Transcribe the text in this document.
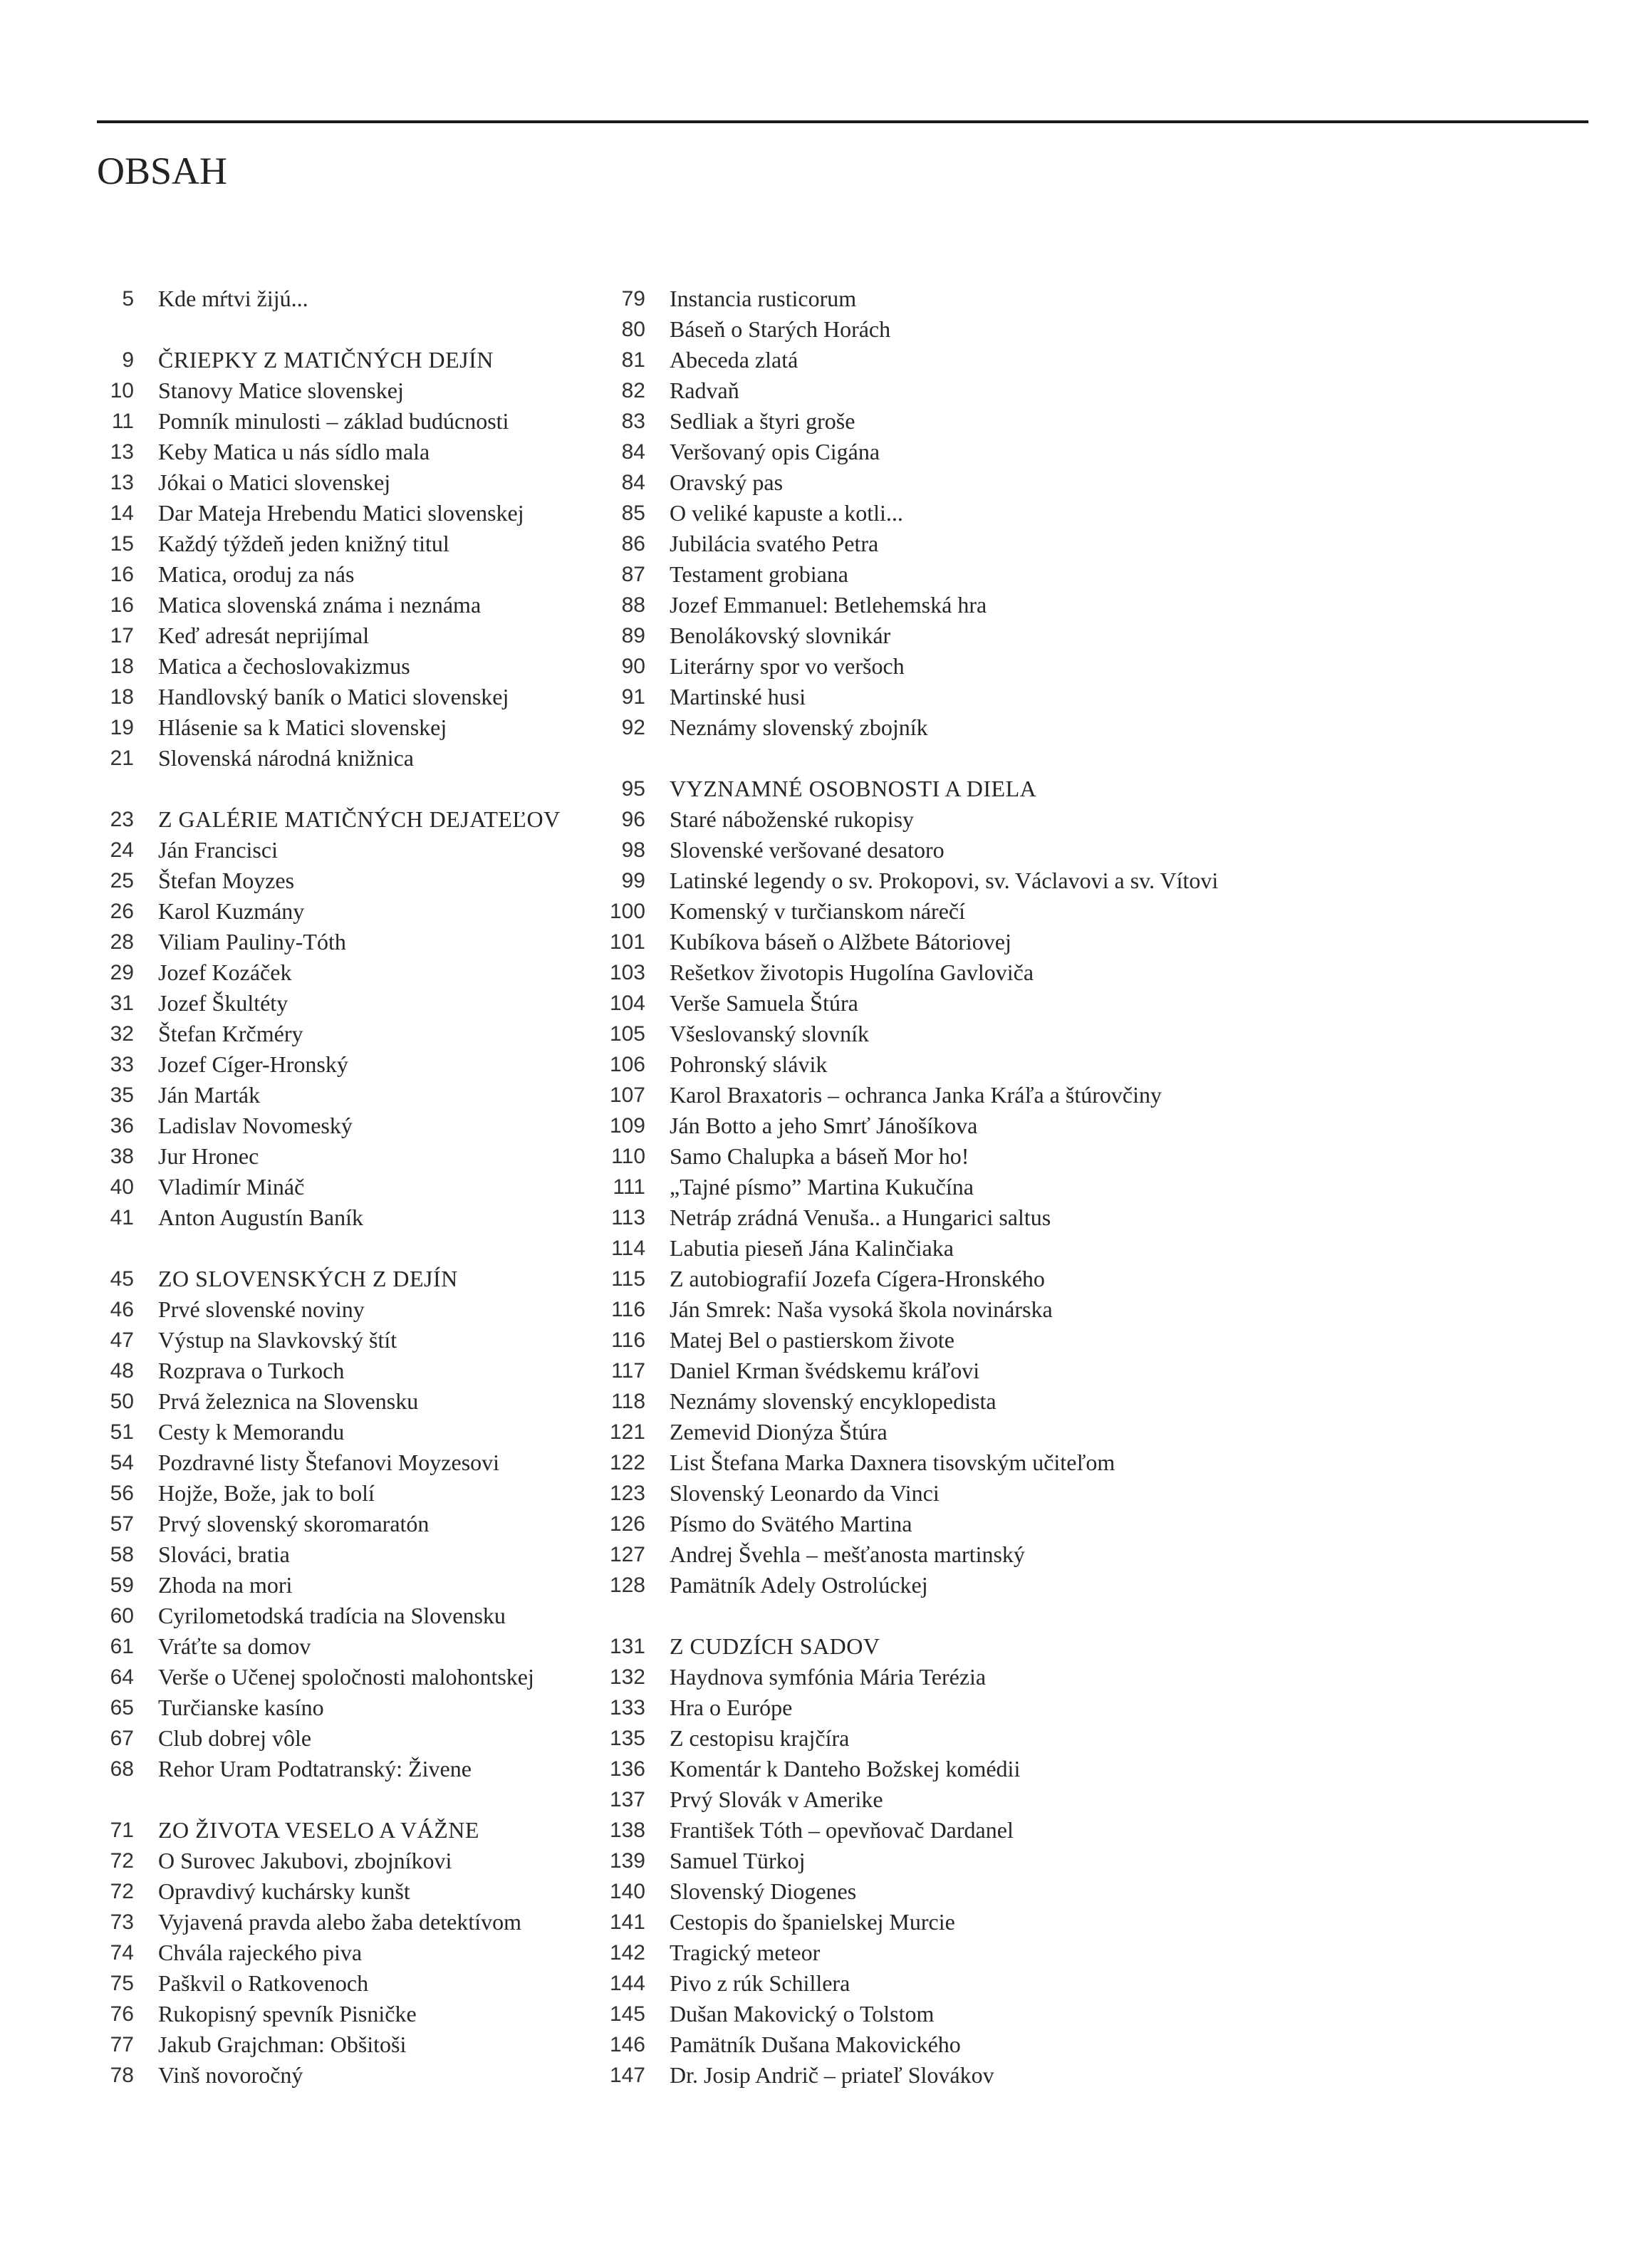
OBSAH
5 Kde mŕtvi žijú...
9 ČRIEPKY Z MATIČNÝCH DEJÍN
10 Stanovy Matice slovenskej
11 Pomník minulosti – základ budúcnosti
13 Keby Matica u nás sídlo mala
13 Jókai o Matici slovenskej
14 Dar Mateja Hrebendu Matici slovenskej
15 Každý týždeň jeden knižný titul
16 Matica, oroduj za nás
16 Matica slovenská známa i neznáma
17 Keď adresát neprijímal
18 Matica a čechoslovakizmus
18 Handlovský baník o Matici slovenskej
19 Hlásenie sa k Matici slovenskej
21 Slovenská národná knižnica
23 Z GALÉRIE MATIČNÝCH DEJATEĽOV
24 Ján Francisci
25 Štefan Moyzes
26 Karol Kuzmány
28 Viliam Pauliny-Tóth
29 Jozef Kozáček
31 Jozef Škultéty
32 Štefan Krčméry
33 Jozef Cíger-Hronský
35 Ján Marták
36 Ladislav Novomeský
38 Jur Hronec
40 Vladimír Mináč
41 Anton Augustín Baník
45 ZO SLOVENSKÝCH Z DEJÍN
46 Prvé slovenské noviny
47 Výstup na Slavkovský štít
48 Rozprava o Turkoch
50 Prvá železnica na Slovensku
51 Cesty k Memorandu
54 Pozdravné listy Štefanovi Moyzesovi
56 Hojže, Bože, jak to bolí
57 Prvý slovenský skoromaratón
58 Slováci, bratia
59 Zhoda na mori
60 Cyrilometodská tradícia na Slovensku
61 Vráťte sa domov
64 Verše o Učenej spoločnosti malohontskej
65 Turčianske kasíno
67 Club dobrej vôle
68 Rehor Uram Podtatranský: Živene
71 ZO ŽIVOTA VESELO A VÁŽNE
72 O Surovec Jakubovi, zbojníkovi
72 Opravdivý kuchársky kunšt
73 Vyjavená pravda alebo žaba detektívom
74 Chvála rajeckého piva
75 Paškvil o Ratkovenoch
76 Rukopisný spevník Pisničke
77 Jakub Grajchman: Obšitoši
78 Vinš novoročný
79 Instancia rusticorum
80 Báseň o Starých Horách
81 Abeceda zlatá
82 Radvaň
83 Sedliak a štyri groše
84 Veršovaný opis Cigána
84 Oravský pas
85 O veliké kapuste a kotli...
86 Jubilácia svatého Petra
87 Testament grobiana
88 Jozef Emmanuel: Betlehemská hra
89 Benolákovský slovnikár
90 Literárny spor vo veršoch
91 Martinské husi
92 Neznámy slovenský zbojník
95 VYZNAMNÉ OSOBNOSTI A DIELA
96 Staré náboženské rukopisy
98 Slovenské veršované desatoro
99 Latinské legendy o sv. Prokopovi, sv. Václavovi a sv. Vítovi
100 Komenský v turčianskom nárečí
101 Kubíkova báseň o Alžbete Bátoriovej
103 Rešetkov životopis Hugolína Gavloviča
104 Verše Samuela Štúra
105 Všeslovanský slovník
106 Pohronský slávik
107 Karol Braxatoris – ochranca Janka Kráľa a štúrovčiny
109 Ján Botto a jeho Smrť Jánošíkova
110 Samo Chalupka a báseň Mor ho!
111 „Tajné písmo” Martina Kukučína
113 Netráp zrádná Venuša.. a Hungarici saltus
114 Labutia pieseň Jána Kalinčiaka
115 Z autobiografií Jozefa Cígera-Hronského
116 Ján Smrek: Naša vysoká škola novinárska
116 Matej Bel o pastierskom živote
117 Daniel Krman švédskemu kráľovi
118 Neznámy slovenský encyklopedista
121 Zemevid Dionýza Štúra
122 List Štefana Marka Daxnera tisovským učiteľom
123 Slovenský Leonardo da Vinci
126 Písmo do Svätého Martina
127 Andrej Švehla – mešťanosta martinský
128 Pamätník Adely Ostrolúckej
131 Z CUDZÍCH SADOV
132 Haydnova symfónia Mária Terézia
133 Hra o Európe
135 Z cestopisu krajčíra
136 Komentár k Danteho Božskej komédii
137 Prvý Slovák v Amerike
138 František Tóth – opevňovač Dardanel
139 Samuel Türkoj
140 Slovenský Diogenes
141 Cestopis do španielskej Murcie
142 Tragický meteor
144 Pivo z rúk Schillera
145 Dušan Makovický o Tolstom
146 Pamätník Dušana Makovického
147 Dr. Josip Andrič – priateľ Slovákov
